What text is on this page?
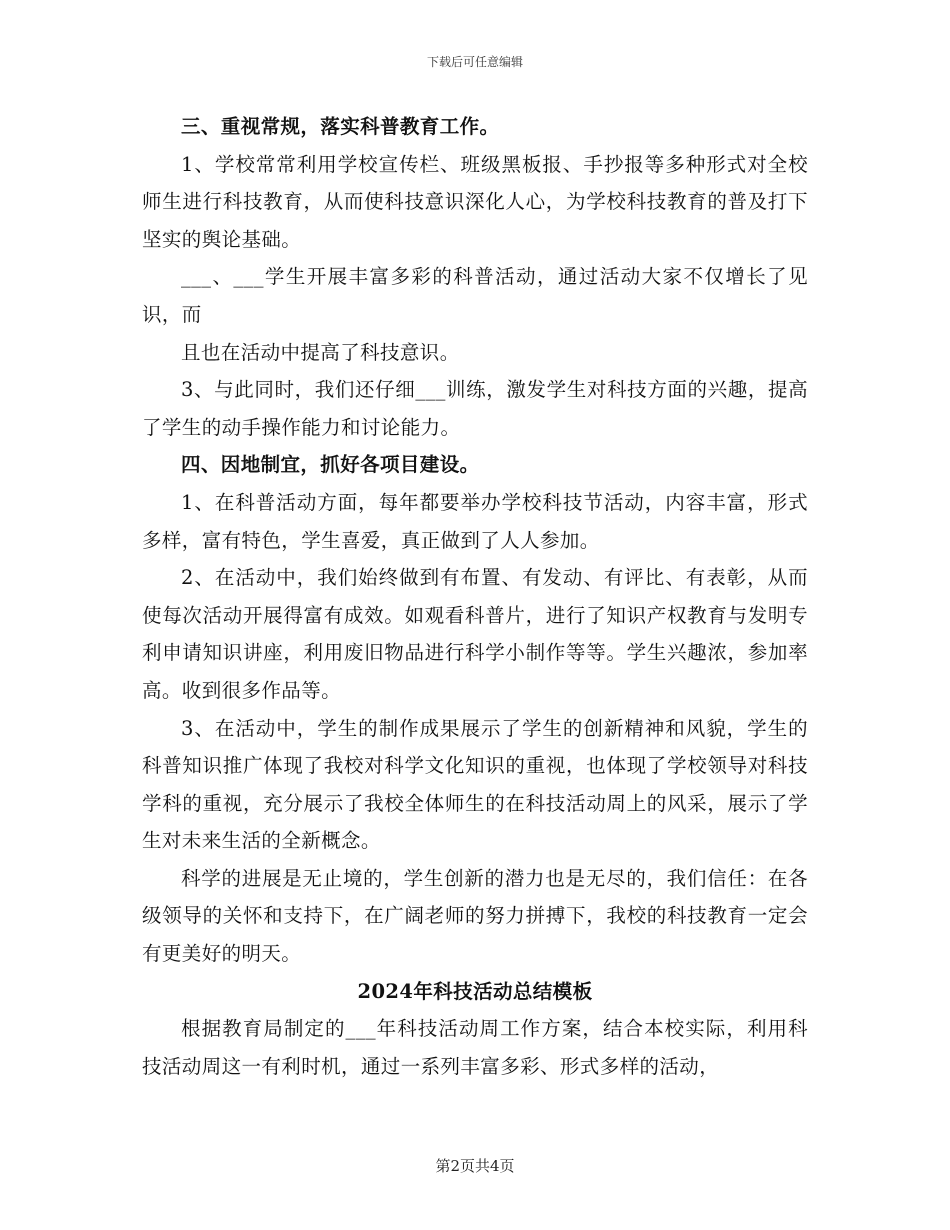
下载后可任意编辑

三、重视常规，落实科普教育工作。

1、学校常常利用学校宣传栏、班级黑板报、手抄报等多种形式对全校师生进行科技教育，从而使科技意识深化人心，为学校科技教育的普及打下坚实的舆论基础。

___、___学生开展丰富多彩的科普活动，通过活动大家不仅增长了见识，而

且也在活动中提高了科技意识。

3、与此同时，我们还仔细___训练，激发学生对科技方面的兴趣，提高了学生的动手操作能力和讨论能力。

四、因地制宜，抓好各项目建设。

1、在科普活动方面，每年都要举办学校科技节活动，内容丰富，形式多样，富有特色，学生喜爱，真正做到了人人参加。

2、在活动中，我们始终做到有布置、有发动、有评比、有表彰，从而使每次活动开展得富有成效。如观看科普片，进行了知识产权教育与发明专利申请知识讲座，利用废旧物品进行科学小制作等等。学生兴趣浓，参加率高。收到很多作品等。

3、在活动中，学生的制作成果展示了学生的创新精神和风貌，学生的科普知识推广体现了我校对科学文化知识的重视，也体现了学校领导对科技学科的重视，充分展示了我校全体师生的在科技活动周上的风采，展示了学生对未来生活的全新概念。

科学的进展是无止境的，学生创新的潜力也是无尽的，我们信任：在各级领导的关怀和支持下，在广阔老师的努力拼搏下，我校的科技教育一定会有更美好的明天。

2024年科技活动总结模板

根据教育局制定的___年科技活动周工作方案，结合本校实际，利用科技活动周这一有利时机，通过一系列丰富多彩、形式多样的活动，

第2页共4页
